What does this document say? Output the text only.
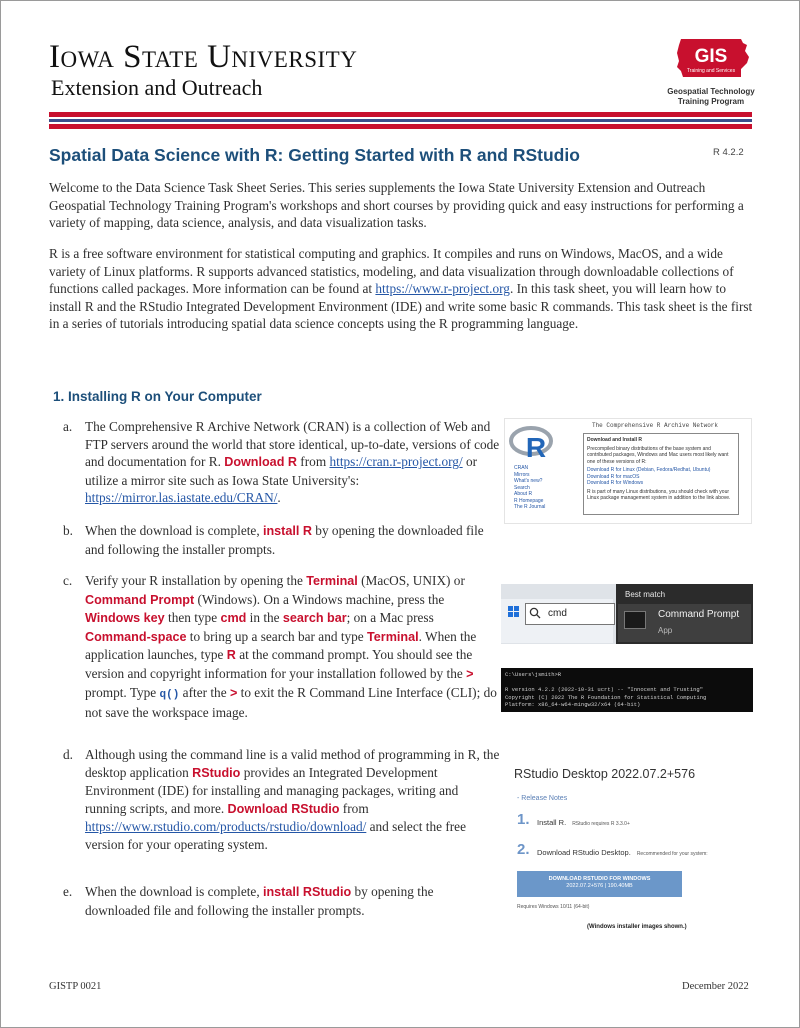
Iowa State University
Extension and Outreach
GIS
Training and Services
Geospatial Technology
Training Program
Spatial Data Science with R: Getting Started with R and RStudio	R 4.2.2

Welcome to the Data Science Task Sheet Series. This series supplements the Iowa State University Extension and Outreach Geospatial Technology Training Program's workshops and short courses by providing quick and easy instructions for performing a variety of mapping, data science, analysis, and data visualization tasks.

R is a free software environment for statistical computing and graphics. It compiles and runs on Windows, MacOS, and a wide variety of Linux platforms. R supports advanced statistics, modeling, and data visualization through downloadable collections of functions called packages. More information can be found at https://www.r-project.org. In this task sheet, you will learn how to install R and the RStudio Integrated Development Environment (IDE) and write some basic R commands. This task sheet is the first in a series of tutorials introducing spatial data science concepts using the R programming language.

1. Installing R on Your Computer
a. The Comprehensive R Archive Network (CRAN) is a collection of Web and FTP servers around the world that store identical, up-to-date, versions of code and documentation for R. Download R from https://cran.r-project.org/ or utilize a mirror site such as Iowa State University's: https://mirror.las.iastate.edu/CRAN/.
b. When the download is complete, install R by opening the downloaded file and following the installer prompts.
c. Verify your R installation by opening the Terminal (MacOS, UNIX) or Command Prompt (Windows). On a Windows machine, press the Windows key then type cmd in the search bar; on a Mac press Command-space to bring up a search bar and type Terminal. When the application launches, type R at the command prompt. You should see the version and copyright information for your installation followed by the > prompt. Type q() after the > to exit the R Command Line Interface (CLI); do not save the workspace image.
d. Although using the command line is a valid method of programming in R, the desktop application RStudio provides an Integrated Development Environment (IDE) for installing and managing packages, writing and running scripts, and more. Download RStudio from https://www.rstudio.com/products/rstudio/download/ and select the free version for your operating system.
e. When the download is complete, install RStudio by opening the downloaded file and following the installer prompts.
The Comprehensive R Archive Network
R
CRAN
Mirrors
What's new?
Search
About R
R Homepage
The R Journal
Download and Install R
Precompiled binary distributions of the base system and contributed packages, Windows and Mac users most likely want one of these versions of R:
Download R for Linux (Debian, Fedora/Redhat, Ubuntu)
Download R for macOS
Download R for Windows
R is part of many Linux distributions, you should check with your Linux package management system in addition to the link above.
cmd
Best match
Command Prompt
App
C:\Users\jsmith>R

R version 4.2.2 (2022-10-31 ucrt) -- "Innocent and Trusting"
Copyright (C) 2022 The R Foundation for Statistical Computing
Platform: x86_64-w64-mingw32/x64 (64-bit)
RStudio Desktop 2022.07.2+576
- Release Notes
1. Install R. RStudio requires R 3.3.0+
2. Download RStudio Desktop. Recommended for your system:
DOWNLOAD RSTUDIO FOR WINDOWS
2022.07.2+576 | 190.40MB
Requires Windows 10/11 (64-bit)
(Windows installer images shown.)
GISTP 0021	December 2022
